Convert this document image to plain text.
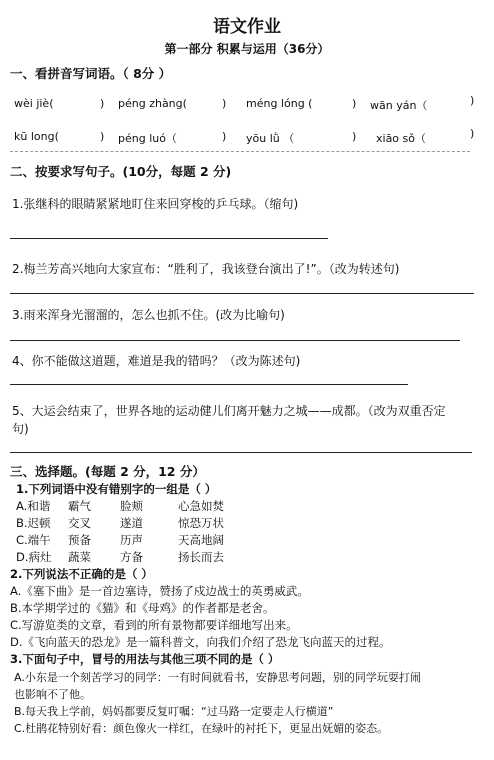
语文作业
第一部分 积累与运用（36分）
一、看拼音写词语。（ 8分 ）
wèi jiè(	) péng zhàng(	) méng lóng (	) wān yán（	)
kū long(	) péng luó（	) yōu lǜ （	) xiāo sǒ（	)
二、按要求写句子。(10分，每题 2 分)
1.张继科的眼睛紧紧地盯住来回穿梭的乒乓球。（缩句)
2.梅兰芳高兴地向大家宣布：“胜利了，我该登台演出了!”。（改为转述句)
3.雨来浑身光溜溜的，怎么也抓不住。(改为比喻句)
4、你不能做这道题，难道是我的错吗？（改为陈述句)
5、大运会结束了，世界各地的运动健儿们离开魅力之城——成都。（改为双重否定
句)
三、选择题。(每题 2 分，12 分）
1.下列词语中没有错别字的一组是（ ）
A.和谐 霸气	脸颊	心急如焚
B.迟顿 交叉	遂道	惊恐万状
C.端午 预备	历声	天高地阔
D.病灶 蔬菜	方备	扬长而去
2.下列说法不正确的是（ ）
A.《塞下曲》是一首边塞诗，赞扬了戍边战士的英勇威武。
B.本学期学过的《猫》和《母鸡》的作者都是老舍。
C.写游览类的文章，看到的所有景物都要详细地写出来。
D.《飞向蓝天的恐龙》是一篇科普文，向我们介绍了恐龙飞向蓝天的过程。
3.下面句子中，冒号的用法与其他三项不同的是（ ）
A.小东是一个刻苦学习的同学：一有时间就看书，安静思考问题，别的同学玩耍打闹
也影响不了他。
B.每天我上学前，妈妈都要反复叮嘱：“过马路一定要走人行横道”
C.杜鹃花特别好看：颜色像火一样红，在绿叶的衬托下，更显出妩媚的姿态。
